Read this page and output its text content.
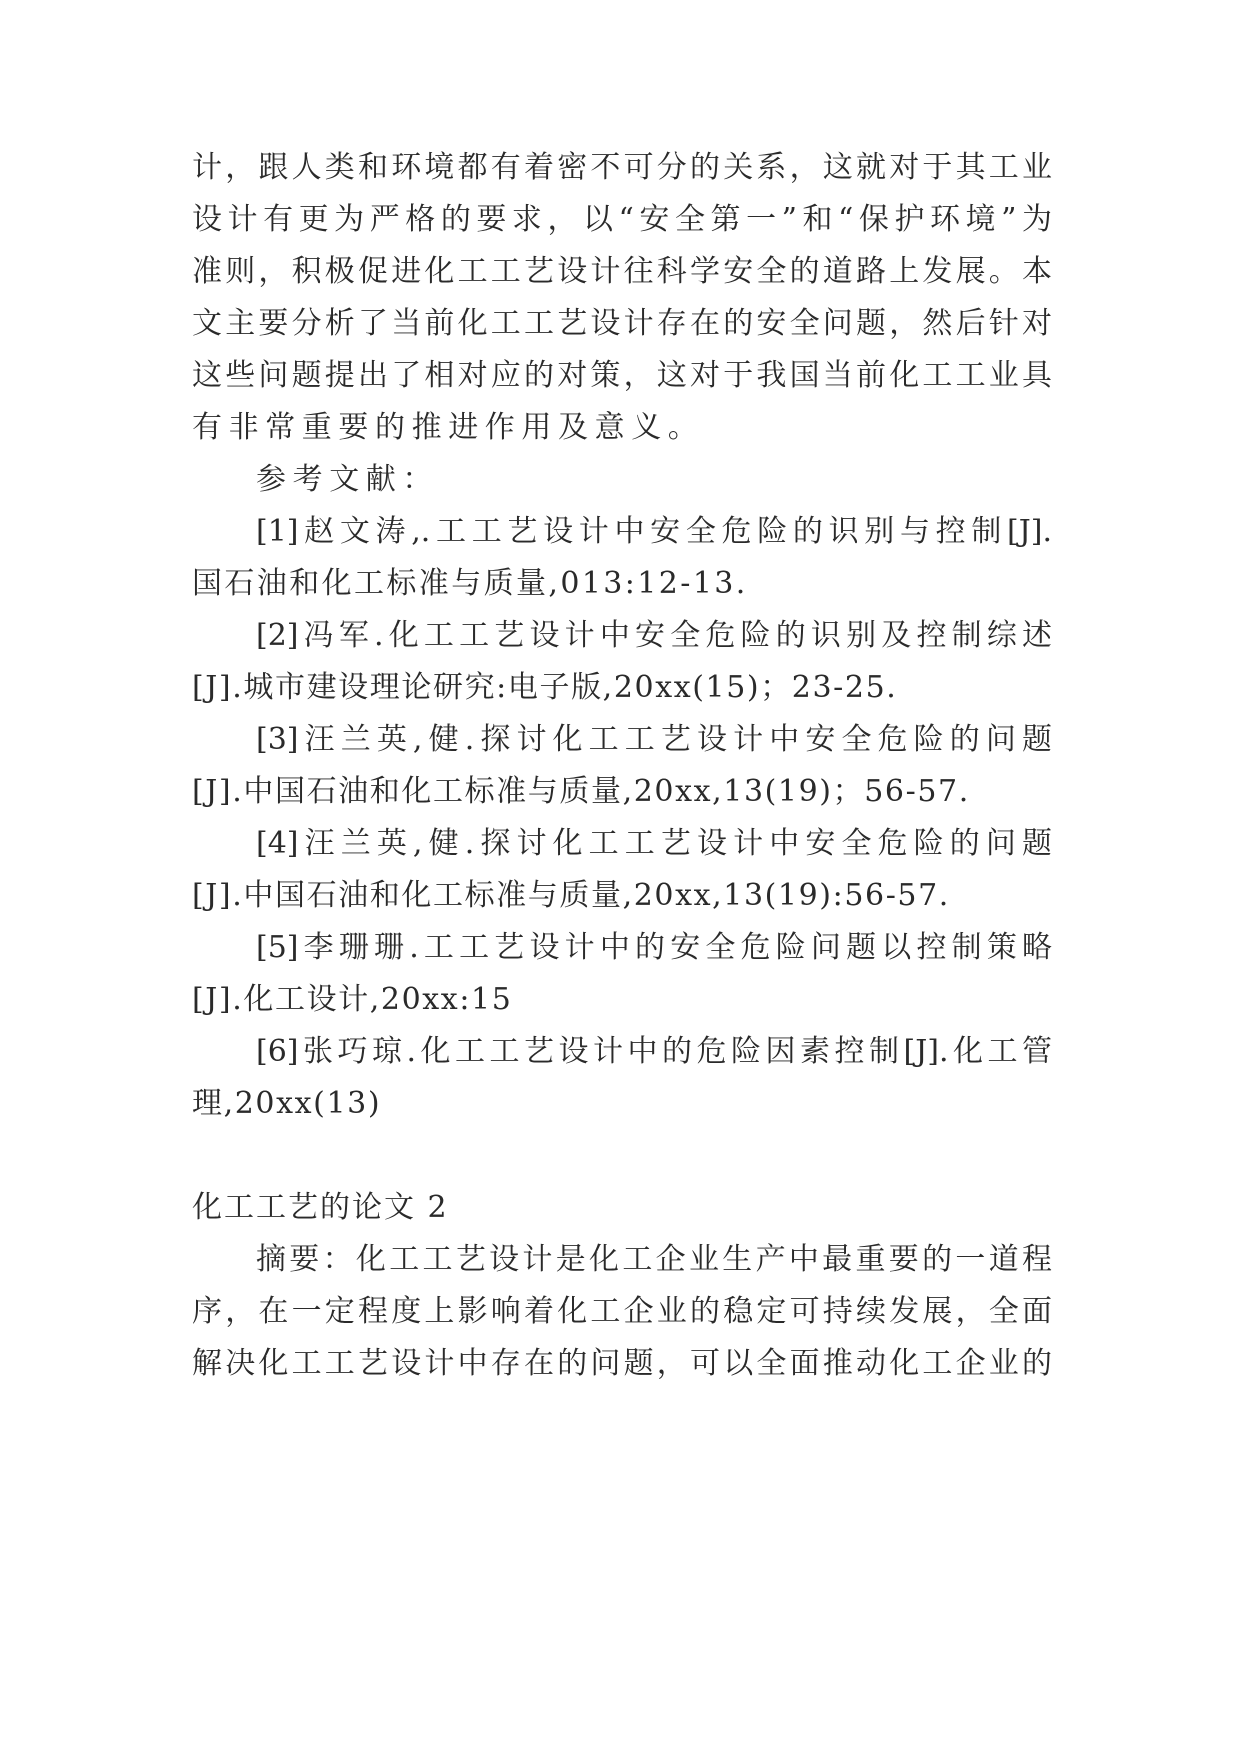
计，跟人类和环境都有着密不可分的关系，这就对于其工业

设计有更为严格的要求，以“安全第一”和“保护环境”为

准则，积极促进化工工艺设计往科学安全的道路上发展。本

文主要分析了当前化工工艺设计存在的安全问题，然后针对

这些问题提出了相对应的对策，这对于我国当前化工工业具

有非常重要的推进作用及意义。

参考文献：

[1]赵文涛,.工工艺设计中安全危险的识别与控制[J].

国石油和化工标准与质量,013:12-13.

[2]冯军.化工工艺设计中安全危险的识别及控制综述

[J].城市建设理论研究:电子版,20xx(15)；23-25.

[3]汪兰英,健.探讨化工工艺设计中安全危险的问题

[J].中国石油和化工标准与质量,20xx,13(19)；56-57.

[4]汪兰英,健.探讨化工工艺设计中安全危险的问题

[J].中国石油和化工标准与质量,20xx,13(19):56-57.

[5]李珊珊.工工艺设计中的安全危险问题以控制策略

[J].化工设计,20xx:15

[6]张巧琼.化工工艺设计中的危险因素控制[J].化工管

理,20xx(13)

化工工艺的论文 2

摘要：化工工艺设计是化工企业生产中最重要的一道程

序，在一定程度上影响着化工企业的稳定可持续发展，全面

解决化工工艺设计中存在的问题，可以全面推动化工企业的
